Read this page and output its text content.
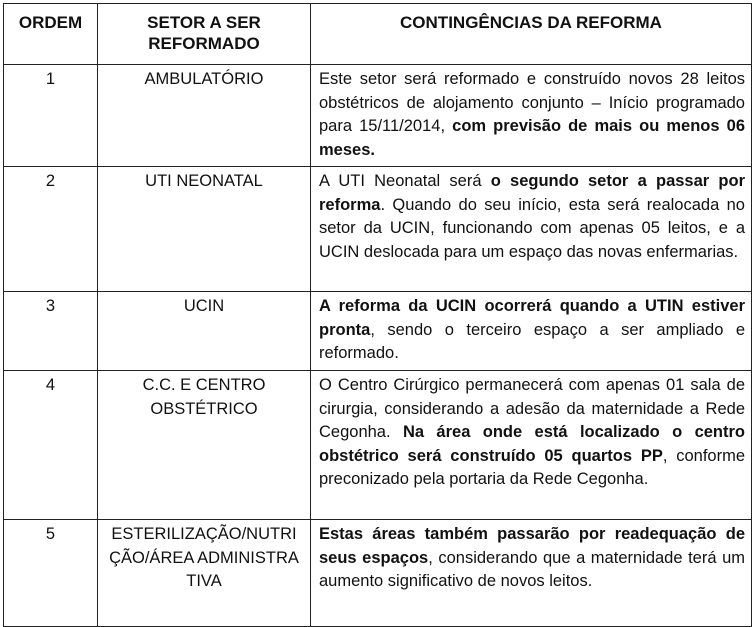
ORDEM	SETOR A SER REFORMADO	CONTINGÊNCIAS DA REFORMA
1	AMBULATÓRIO	Este setor será reformado e construído novos 28 leitos obstétricos de alojamento conjunto – Início programado para 15/11/2014, com previsão de mais ou menos 06 meses.

2	UTI NEONATAL	A UTI Neonatal será o segundo setor a passar por reforma. Quando do seu início, esta será realocada no setor da UCIN, funcionando com apenas 05 leitos, e a UCIN deslocada para um espaço das novas enfermarias.

3	UCIN	A reforma da UCIN ocorrerá quando a UTIN estiver pronta, sendo o terceiro espaço a ser ampliado e reformado.

4	C.C. E CENTRO OBSTÉTRICO	O Centro Cirúrgico permanecerá com apenas 01 sala de cirurgia, considerando a adesão da maternidade a Rede Cegonha. Na área onde está localizado o centro obstétrico será construído 05 quartos PP, conforme preconizado pela portaria da Rede Cegonha.

5	ESTERILIZAÇÃO/NUTRIÇÃO/ÁREA ADMINISTRATIVA	Estas áreas também passarão por readequação de seus espaços, considerando que a maternidade terá um aumento significativo de novos leitos.
